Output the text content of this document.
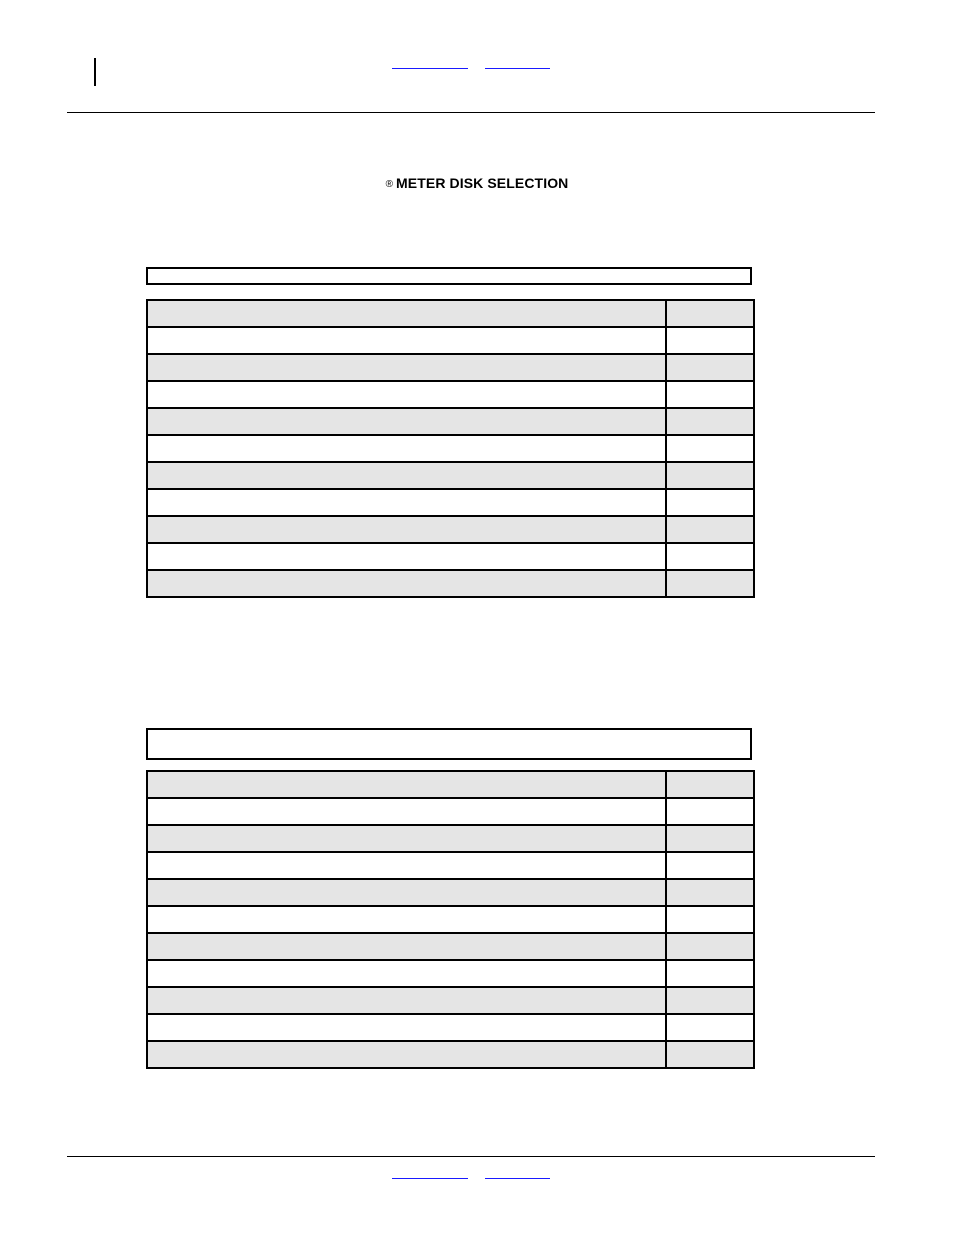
® METER DISK SELECTION
